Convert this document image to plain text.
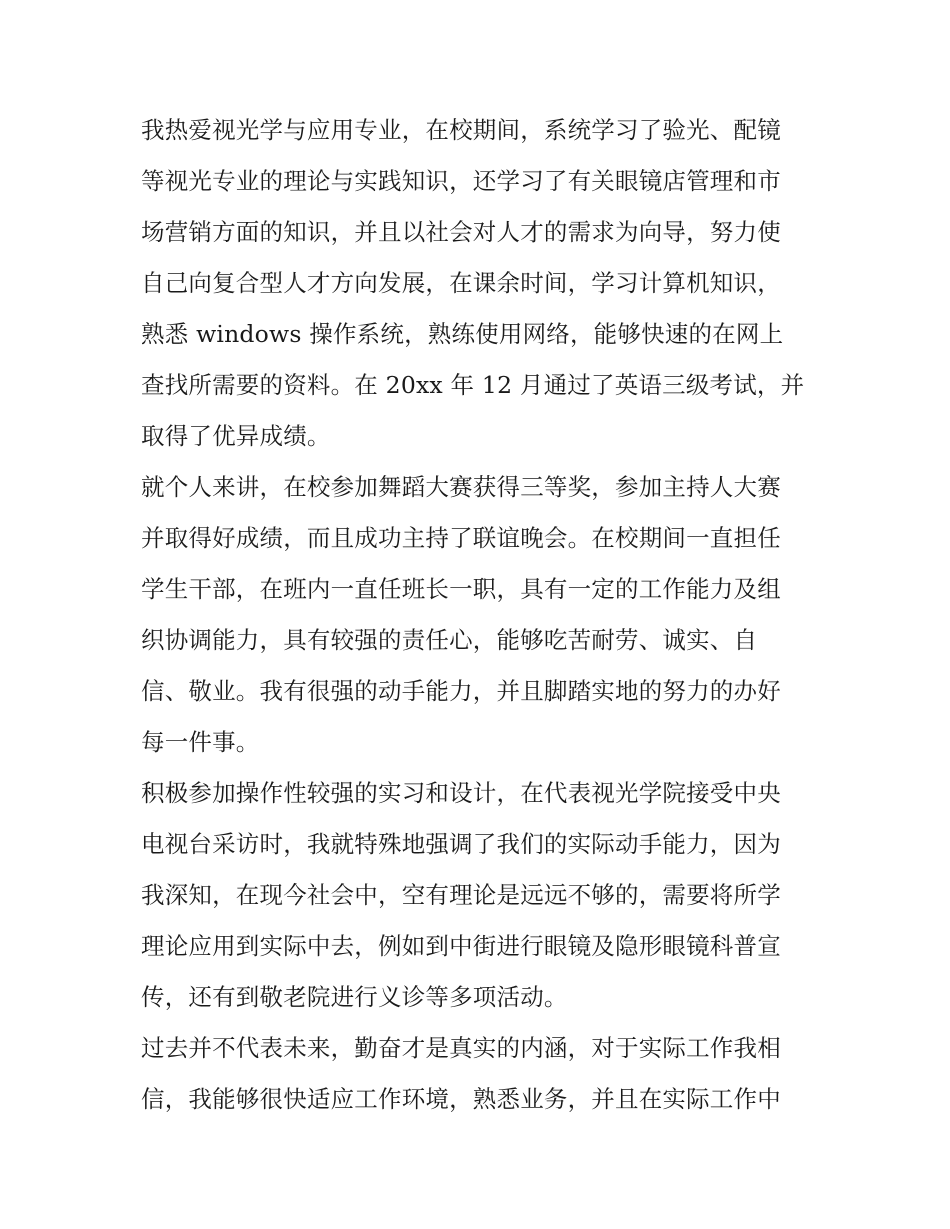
我热爱视光学与应用专业，在校期间，系统学习了验光、配镜
等视光专业的理论与实践知识，还学习了有关眼镜店管理和市
场营销方面的知识，并且以社会对人才的需求为向导，努力使
自己向复合型人才方向发展，在课余时间，学习计算机知识，
熟悉 windows 操作系统，熟练使用网络，能够快速的在网上
查找所需要的资料。在 20xx 年 12 月通过了英语三级考试，并
取得了优异成绩。
就个人来讲，在校参加舞蹈大赛获得三等奖，参加主持人大赛
并取得好成绩，而且成功主持了联谊晚会。在校期间一直担任
学生干部，在班内一直任班长一职，具有一定的工作能力及组
织协调能力，具有较强的责任心，能够吃苦耐劳、诚实、自
信、敬业。我有很强的动手能力，并且脚踏实地的努力的办好
每一件事。
积极参加操作性较强的实习和设计，在代表视光学院接受中央
电视台采访时，我就特殊地强调了我们的实际动手能力，因为
我深知，在现今社会中，空有理论是远远不够的，需要将所学
理论应用到实际中去，例如到中街进行眼镜及隐形眼镜科普宣
传，还有到敬老院进行义诊等多项活动。
过去并不代表未来，勤奋才是真实的内涵，对于实际工作我相
信，我能够很快适应工作环境，熟悉业务，并且在实际工作中
